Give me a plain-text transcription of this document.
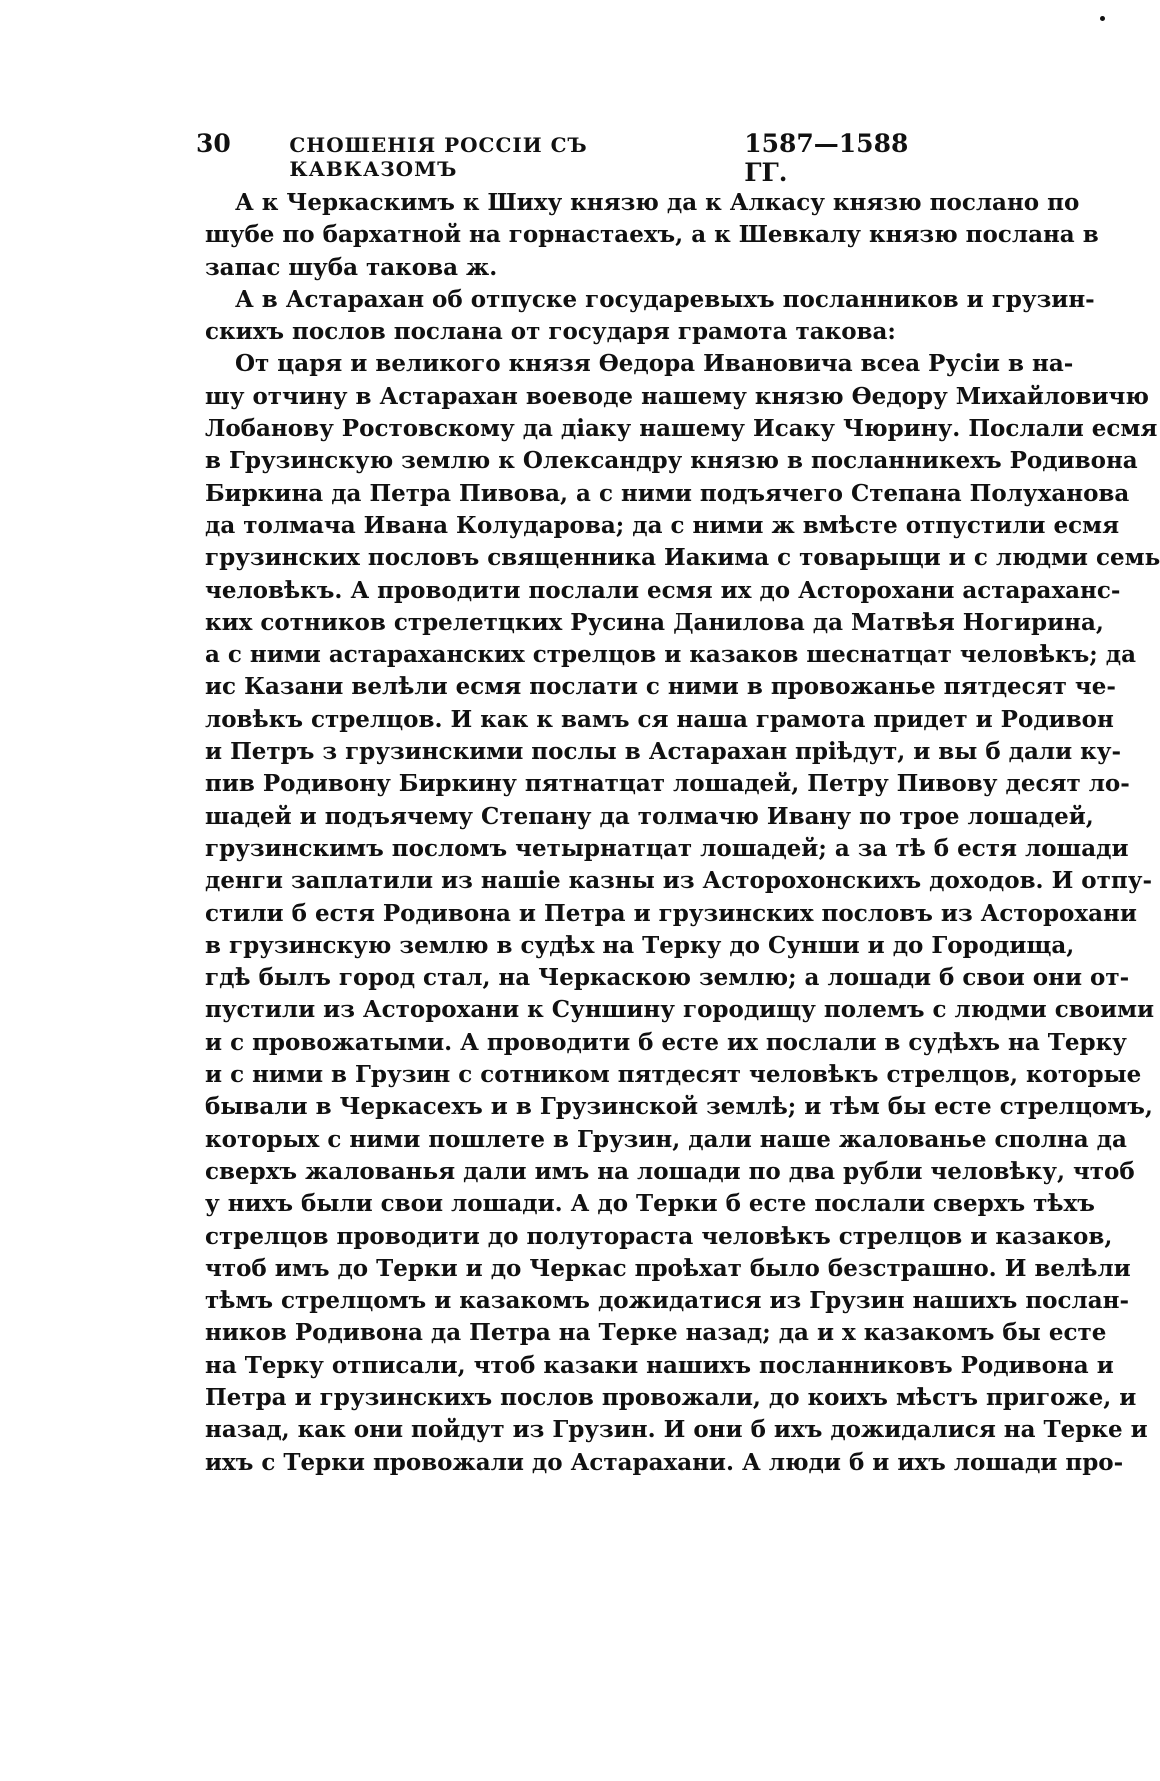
30	СНОШЕНІЯ РОССІИ СЪ КАВКАЗОМЪ
1587—1588 ГГ.
А к Черкаскимъ к Шиху князю да к Алкасу князю послано по
шубе по бархатной на горнастаехъ, а к Шевкалу князю послана в
запас шуба такова ж.
А в Астарахан об отпуске государевыхъ посланников и грузин-
скихъ послов послана от государя грамота такова:
От царя и великого князя Өедора Ивановича всеа Русіи в на-
шу отчину в Астарахан воеводе нашему князю Өедору Михайловичю
Лобанову Ростовскому да діаку нашему Исаку Чюрину. Послали есмя
в Грузинскую землю к Олександру князю в посланникехъ Родивона
Биркина да Петра Пивова, а с ними подъячего Степана Полуханова
да толмача Ивана Колударова; да с ними ж вмѣсте отпустили есмя
грузинских пословъ священника Иакима с товарыщи и с людми семь
человѣкъ. А проводити послали есмя их до Асторохани астараханс-
ких сотников стрелетцких Русина Данилова да Матвѣя Ногирина,
а с ними астараханских стрелцов и казаков шеснатцат человѣкъ; да
ис Казани велѣли есмя послати с ними в провожанье пятдесят че-
ловѣкъ стрелцов. И как к вамъ ся наша грамота придет и Родивон
и Петръ з грузинскими послы в Астарахан пріѣдут, и вы б дали ку-
пив Родивону Биркину пятнатцат лошадей, Петру Пивову десят ло-
шадей и подъячему Степану да толмачю Ивану по трое лошадей,
грузинскимъ посломъ четырнатцат лошадей; а за тѣ б естя лошади
денги заплатили из нашіе казны из Асторохонскихъ доходов. И отпу-
стили б естя Родивона и Петра и грузинских пословъ из Асторохани
в грузинскую землю в судѣх на Терку до Сунши и до Городища,
гдѣ былъ город стал, на Черкаскою землю; а лошади б свои они от-
пустили из Асторохани к Суншину городищу полемъ с людми своими
и с провожатыми. А проводити б есте их послали в судѣхъ на Терку
и с ними в Грузин с сотником пятдесят человѣкъ стрелцов, которые
бывали в Черкасехъ и в Грузинской землѣ; и тѣм бы есте стрелцомъ,
которых с ними пошлете в Грузин, дали наше жалованье сполна да
сверхъ жалованья дали имъ на лошади по два рубли человѣку, чтоб
у нихъ были свои лошади. А до Терки б есте послали сверхъ тѣхъ
стрелцов проводити до полутораста человѣкъ стрелцов и казаков,
чтоб имъ до Терки и до Черкас проѣхат было безстрашно. И велѣли
тѣмъ стрелцомъ и казакомъ дожидатися из Грузин нашихъ послан-
ников Родивона да Петра на Терке назад; да и х казакомъ бы есте
на Терку отписали, чтоб казаки нашихъ посланниковъ Родивона и
Петра и грузинскихъ послов провожали, до коихъ мѣстъ пригоже, и
назад, как они пойдут из Грузин. И они б ихъ дожидалися на Терке и
ихъ с Терки провожали до Астарахани. А люди б и ихъ лошади про-
